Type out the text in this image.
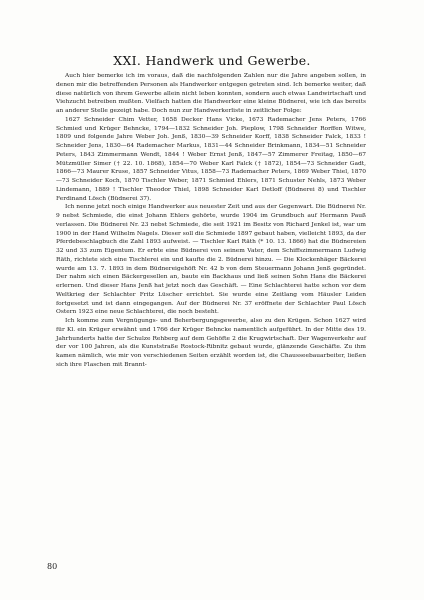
XXI. Handwerk und Gewerbe.

Auch hier bemerke ich im voraus, daß die nachfolgenden Zahlen nur die Jahre angeben sollen, in denen mir die betreffenden Personen als Handwerker entgegen getreten sind. Ich bemerke weiter, daß diese natürlich von ihrem Gewerbe allein nicht leben konnten, sondern auch etwas Landwirtschaft und Viehzucht betreiben mußten. Vielfach hatten die Handwerker eine kleine Büdnerei, wie ich das bereits an anderer Stelle gezeigt habe. Doch nun zur Handwerkerliste in zeitlicher Folge:

1627 Schneider Chim Vetter, 1658 Decker Hans Vicke, 1673 Rademacher Jens Peters, 1766 Schmied und Krüger Behncke, 1794—1832 Schneider Joh. Pieplow, 1798 Schneider Rorffen Witwe, 1809 und folgende Jahre Weber Joh. Jenß, 1830—39 Schneider Korff, 1838 Schneider Falck, 1833 ! Schneider Jens, 1830—64 Rademacher Markus, 1831—44 Schneider Brinkmann, 1834—51 Schneider Peters, 1843 Zimmermann Wendt, 1844 ! Weber Ernst Jenß, 1847—57 Zimmerer Freitag, 1850—67 Mützmüller Simer († 22. 10. 1868), 1854—70 Weber Karl Falck († 1872), 1854—73 Schneider Gadt, 1866—73 Maurer Kruse, 1857 Schneider Vitus, 1858—73 Rademacher Peters, 1869 Weber Thiel, 1870—73 Schneider Koch, 1870 Tischler Weber, 1871 Schmied Ehlers, 1871 Schuster Nehls, 1873 Weber Lindemann, 1889 ! Tischler Theodor Thiel, 1898 Schneider Karl Detloff (Büdnerei 8) und Tischler Ferdinand Lösch (Büdnerei 37).

Ich nenne jetzt noch einige Handwerker aus neuester Zeit und aus der Gegenwart. Die Büdnerei Nr. 9 nebst Schmiede, die einst Johann Ehlers gehörte, wurde 1904 im Grundbuch auf Hermann Pauß verlassen. Die Büdnerei Nr. 23 nebst Schmiede, die seit 1921 im Besitz von Richard Jenkel ist, war um 1900 in der Hand Wilhelm Nagels. Dieser soll die Schmiede 1897 gebaut haben, vielleicht 1893, da der Pferdebeschlagbuch die Zahl 1893 aufweist. — Tischler Karl Räth (* 10. 13. 1866) hat die Büdnereien 32 und 33 zum Eigentum. Er erbte eine Büdnerei von seinem Vater, dem Schiffszimmermann Ludwig Räth, richtete sich eine Tischlerei ein und kaufte die 2. Büdnerei hinzu. — Die Klockenhäger Bäckerei wurde am 13. 7. 1893 in dem Büdnereigehöft Nr. 42 b von dem Steuermann Johann Jenß gegründet. Der nahm sich einen Bäckergesellen an, baute ein Backhaus und ließ seinen Sohn Hans die Bäckerei erlernen. Und dieser Hans Jenß hat jetzt noch das Geschäft. — Eine Schlachterei hatte schon vor dem Weltkrieg der Schlachter Fritz Lüscher errichtet. Sie wurde eine Zeitlang vom Häusler Leiden fortgesetzt und ist dann eingegangen. Auf der Büdnerei Nr. 37 eröffnete der Schlachter Paul Lösch Ostern 1923 eine neue Schlachterei, die noch besteht.

Ich komme zum Vergnügungs- und Beherbergungsgewerbe, also zu den Krügen. Schon 1627 wird für Kl. ein Krüger erwähnt und 1766 der Krüger Behncke namentlich aufgeführt. In der Mitte des 19. Jahrhunderts hatte der Schulze Rehberg auf dem Gehöfte 2 die Krugwirtschaft. Der Wagenverkehr auf der vor 100 Jahren, als die Kunststraße Rostock-Ribnitz gebaut wurde, glänzende Geschäfte. Zu ihm kamen nämlich, wie mir von verschiedenen Seiten erzählt worden ist, die Chausseebauarbeiter, ließen sich ihre Flaschen mit Brannt-

80
